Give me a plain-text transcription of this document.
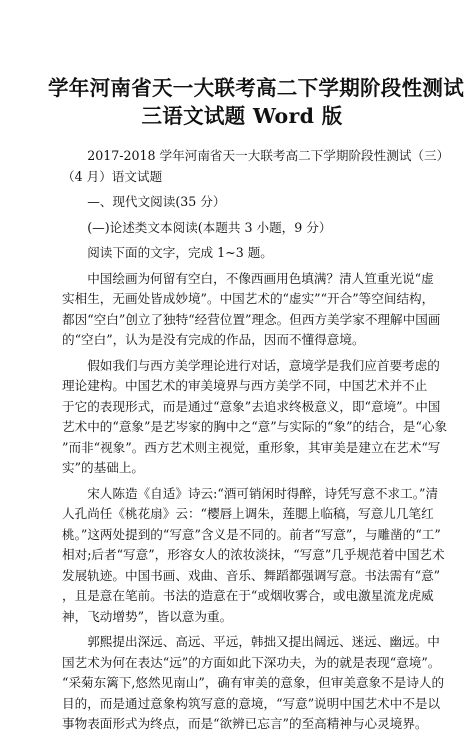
学年河南省天一大联考高二下学期阶段性测试
三语文试题 Word 版
2017-2018 学年河南省天一大联考高二下学期阶段性测试（三）
（4 月）语文试题
—、现代文阅读(35 分）
(—)论述类文本阅读(本题共 3 小题，9 分）
阅读下面的文字，完成 1~3 题。
中国绘画为何留有空白，不像西画用色填满？清人笪重光说“虚
实相生，无画处皆成妙境”。中国艺术的“虚实”“开合”等空间结构，
都因“空白”创立了独特“经营位置”理念。但西方美学家不理解中国画
的“空白”，认为是没有完成的作品，因而不懂得意境。
假如我们与西方美学理论进行对话，意境学是我们应首要考虑的
理论建构。中国艺术的审美境界与西方美学不同，中国艺术并不止
于它的表现形式，而是通过“意象”去追求终极意义，即“意境”。中国
艺术中的“意象”是艺岑家的胸中之“意”与实际的“象”的结合，是“心象
”而非“视象”。西方艺术则主视觉，重形象，其审美是建立在艺术“写
实”的基础上。
宋人陈造《自适》诗云:“酒可销闲时得醉，诗凭写意不求工。”清
人孔尚任《桃花扇》云：“樱唇上调朱，莲腮上临稿，写意儿几笔红
桃。”这两处提到的“写意”含义是不同的。前者“写意”，与雕凿的“工”
相对;后者“写意”，形容女人的浓妆淡抹，“写意”几乎规范着中国艺术
发展轨迹。中国书画、戏曲、音乐、舞蹈都强调写意。书法需有“意”
，且是意在笔前。书法的造意在于“或烟收雾合，或电激星流龙虎威
神，飞动增势”，皆以意为重。
郭熙提出深远、高远、平远，韩拙又提出阔远、迷远、幽远。中
国艺术为何在表达“远”的方面如此下深功夫，为的就是表现“意境”。
“采菊东篱下,悠然见南山”，确有审美的意象，但审美意象不是诗人的
目的，而是通过意象构筑写意的意境，“写意”说明中国艺术中不是以
事物表面形式为终点，而是“欲辨已忘言”的至高精神与心灵境界。
